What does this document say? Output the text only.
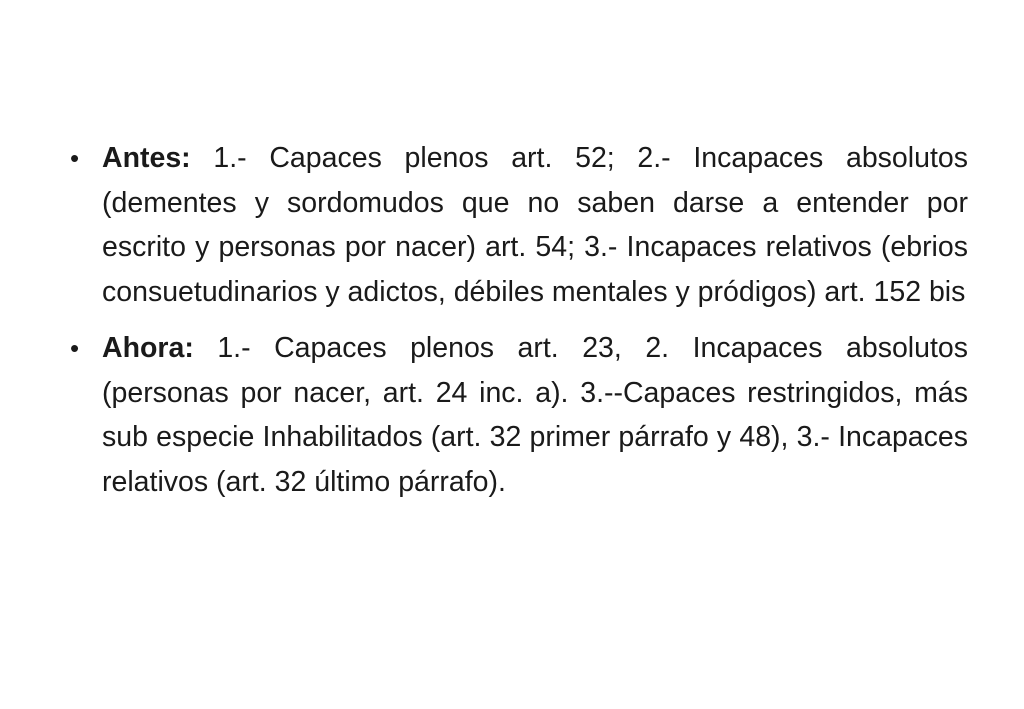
• Antes: 1.- Capaces plenos art. 52; 2.- Incapaces absolutos (dementes y sordomudos que no saben darse a entender por escrito y personas por nacer) art. 54; 3.- Incapaces relativos (ebrios consuetudinarios y adictos, débiles mentales y pródigos) art. 152 bis
• Ahora: 1.- Capaces plenos art. 23, 2. Incapaces absolutos (personas por nacer, art. 24 inc. a). 3.--Capaces restringidos, más sub especie Inhabilitados (art. 32 primer párrafo y 48), 3.- Incapaces relativos (art. 32 último párrafo).
